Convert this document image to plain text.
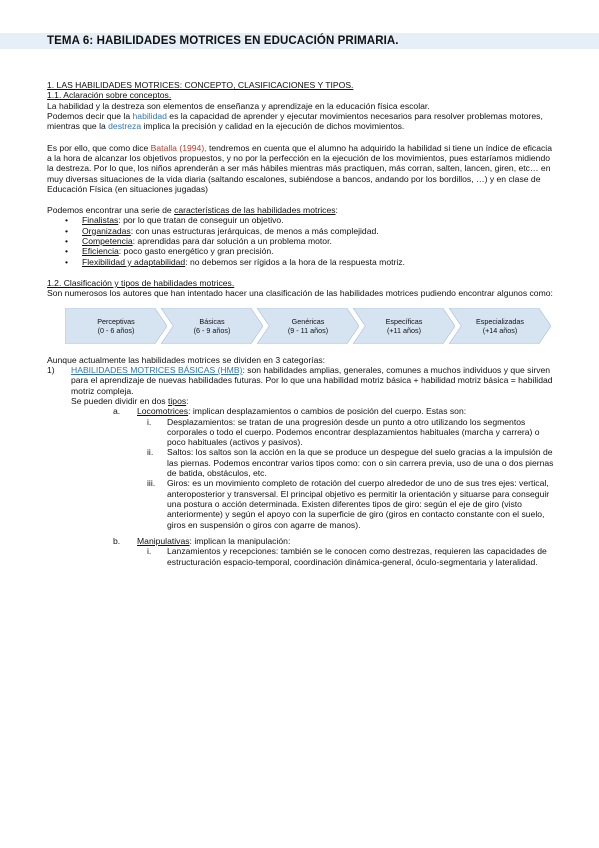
TEMA 6: HABILIDADES MOTRICES EN EDUCACIÓN PRIMARIA.

1. LAS HABILIDADES MOTRICES: CONCEPTO, CLASIFICACIONES Y TIPOS.

1.1. Aclaración sobre conceptos.

La habilidad y la destreza son elementos de enseñanza y aprendizaje en la educación física escolar.

Podemos decir que la habilidad es la capacidad de aprender y ejecutar movimientos necesarios para resolver problemas motores, mientras que la destreza implica la precisión y calidad en la ejecución de dichos movimientos.

Es por ello, que como dice Batalla (1994), tendremos en cuenta que el alumno ha adquirido la habilidad si tiene un índice de eficacia a la hora de alcanzar los objetivos propuestos, y no por la perfección en la ejecución de los movimientos, pues estaríamos midiendo la destreza. Por lo que, los niños aprenderán a ser más hábiles mientras más practiquen, más corran, salten, lancen, giren, etc… en muy diversas situaciones de la vida diaria (saltando escalones, subiéndose a bancos, andando por los bordillos, …) y en clase de Educación Física (en situaciones jugadas)

Podemos encontrar una serie de características de las habilidades motrices:

• Finalistas: por lo que tratan de conseguir un objetivo.
• Organizadas: con unas estructuras jerárquicas, de menos a más complejidad.
• Competencia: aprendidas para dar solución a un problema motor.
• Eficiencia: poco gasto energético y gran precisión.
• Flexibilidad y adaptabilidad: no debemos ser rígidos a la hora de la respuesta motriz.

1.2. Clasificación y tipos de habilidades motrices.

Son numerosos los autores que han intentado hacer una clasificación de las habilidades motrices pudiendo encontrar algunos como:

Perceptivas
(0 - 6 años)
Básicas
(6 - 9 años)
Genéricas
(9 - 11 años)
Específicas
(+11 años)
Especializadas
(+14 años)

Aunque actualmente las habilidades motrices se dividen en 3 categorías:

1) HABILIDADES MOTRICES BÁSICAS (HMB): son habilidades amplias, generales, comunes a muchos individuos y que sirven para el aprendizaje de nuevas habilidades futuras. Por lo que una habilidad motriz básica + habilidad motriz básica = habilidad motriz compleja.
Se pueden dividir en dos tipos:
a. Locomotrices: implican desplazamientos o cambios de posición del cuerpo. Estas son:
i. Desplazamientos: se tratan de una progresión desde un punto a otro utilizando los segmentos corporales o todo el cuerpo. Podemos encontrar desplazamientos habituales (marcha y carrera) o poco habituales (activos y pasivos).
ii. Saltos: los saltos son la acción en la que se produce un despegue del suelo gracias a la impulsión de las piernas. Podemos encontrar varios tipos como: con o sin carrera previa, uso de una o dos piernas de batida, obstáculos, etc.
iii. Giros: es un movimiento completo de rotación del cuerpo alrededor de uno de sus tres ejes: vertical, anteroposterior y transversal. El principal objetivo es permitir la orientación y situarse para conseguir una postura o acción determinada. Existen diferentes tipos de giro: según el eje de giro (visto anteriormente) y según el apoyo con la superficie de giro (giros en contacto constante con el suelo, giros en suspensión o giros con agarre de manos).
b. Manipulativas: implican la manipulación:
i. Lanzamientos y recepciones: también se le conocen como destrezas, requieren las capacidades de estructuración espacio-temporal, coordinación dinámica-general, óculo-segmentaria y lateralidad.
